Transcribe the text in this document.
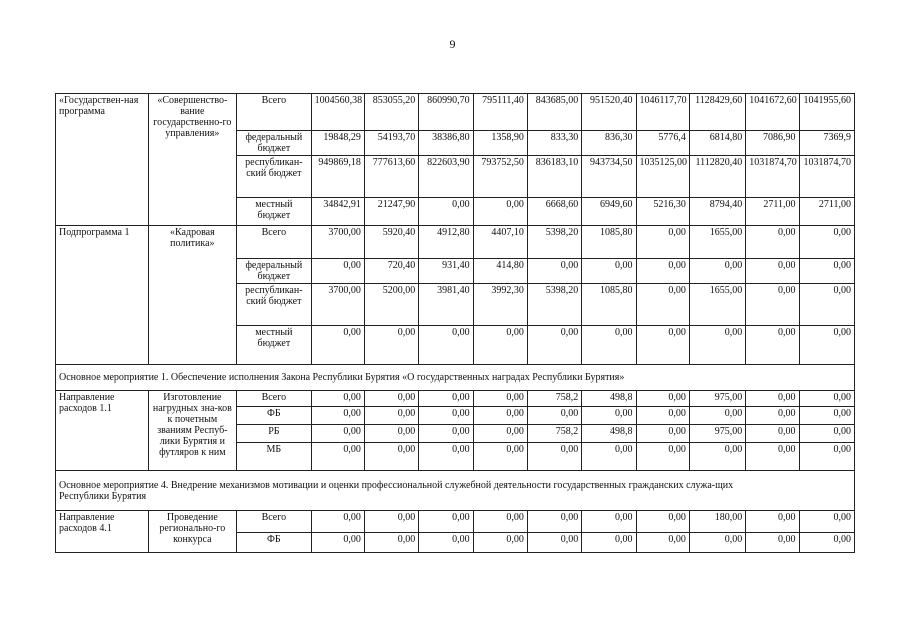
9
«Государствен-ная программа	«Совершенство-вание государственно-го управления»	Всего	1004560,38	853055,20	860990,70	795111,40	843685,00	951520,40	1046117,70	1128429,60	1041672,60	1041955,60
		федеральный бюджет	19848,29	54193,70	38386,80	1358,90	833,30	836,30	5776,4	6814,80	7086,90	7369,9
		республикан-ский бюджет	949869,18	777613,60	822603,90	793752,50	836183,10	943734,50	1035125,00	1112820,40	1031874,70	1031874,70
		местный бюджет	34842,91	21247,90	0,00	0,00	6668,60	6949,60	5216,30	8794,40	2711,00	2711,00
Подпрограмма 1	«Кадровая политика»	Всего	3700,00	5920,40	4912,80	4407,10	5398,20	1085,80	0,00	1655,00	0,00	0,00
		федеральный бюджет	0,00	720,40	931,40	414,80	0,00	0,00	0,00	0,00	0,00	0,00
		республикан-ский бюджет	3700,00	5200,00	3981,40	3992,30	5398,20	1085,80	0,00	1655,00	0,00	0,00
		местный бюджет	0,00	0,00	0,00	0,00	0,00	0,00	0,00	0,00	0,00	0,00
Основное мероприятие 1. Обеспечение исполнения Закона Республики Бурятия «О государственных наградах Республики Бурятия»												
Направление расходов 1.1	Изготовление нагрудных зна-ков к почетным званиям Респуб-лики Бурятия и футляров к ним	Всего	0,00	0,00	0,00	0,00	758,2	498,8	0,00	975,00	0,00	0,00
		ФБ	0,00	0,00	0,00	0,00	0,00	0,00	0,00	0,00	0,00	0,00
		РБ	0,00	0,00	0,00	0,00	758,2	498,8	0,00	975,00	0,00	0,00
		МБ	0,00	0,00	0,00	0,00	0,00	0,00	0,00	0,00	0,00	0,00

Основное мероприятие 4. Внедрение механизмов мотивации и оценки профессиональной служебной деятельности государственных гражданских служа-щих
Республики Бурятия												

Направление расходов 4.1	Проведение регионально-го конкурса	Всего	0,00	0,00	0,00	0,00	0,00	0,00	0,00	180,00	0,00	0,00
		ФБ	0,00	0,00	0,00	0,00	0,00	0,00	0,00	0,00	0,00	0,00
